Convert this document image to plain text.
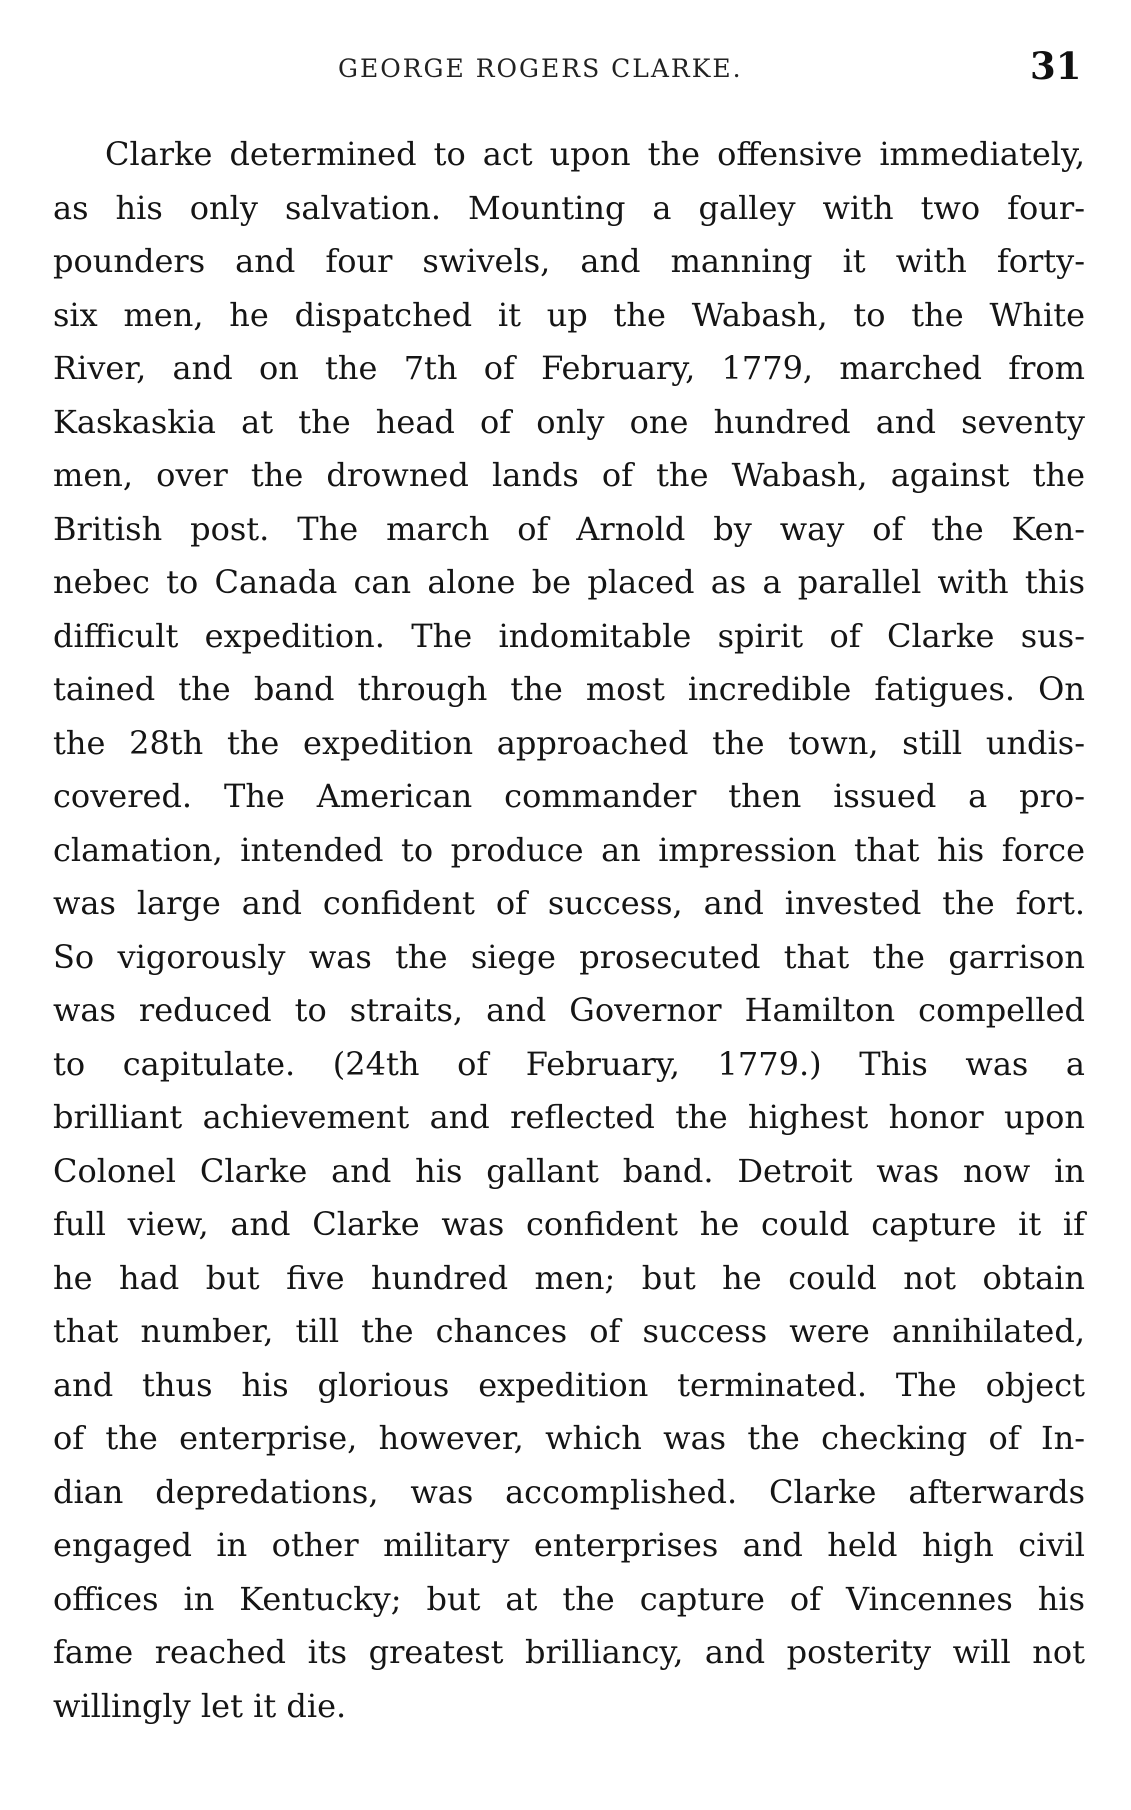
GEORGE ROGERS CLARKE.	31
Clarke determined to act upon the offensive immediately,
as his only salvation. Mounting a galley with two four-
pounders and four swivels, and manning it with forty-
six men, he dispatched it up the Wabash, to the White
River, and on the 7th of February, 1779, marched from
Kaskaskia at the head of only one hundred and seventy
men, over the drowned lands of the Wabash, against the
British post. The march of Arnold by way of the Ken-
nebec to Canada can alone be placed as a parallel with this
difficult expedition. The indomitable spirit of Clarke sus-
tained the band through the most incredible fatigues. On
the 28th the expedition approached the town, still undis-
covered. The American commander then issued a pro-
clamation, intended to produce an impression that his force
was large and confident of success, and invested the fort.
So vigorously was the siege prosecuted that the garrison
was reduced to straits, and Governor Hamilton compelled
to capitulate. (24th of February, 1779.) This was a
brilliant achievement and reflected the highest honor upon
Colonel Clarke and his gallant band. Detroit was now in
full view, and Clarke was confident he could capture it if
he had but five hundred men; but he could not obtain
that number, till the chances of success were annihilated,
and thus his glorious expedition terminated. The object
of the enterprise, however, which was the checking of In-
dian depredations, was accomplished. Clarke afterwards
engaged in other military enterprises and held high civil
offices in Kentucky; but at the capture of Vincennes his
fame reached its greatest brilliancy, and posterity will not
willingly let it die.
